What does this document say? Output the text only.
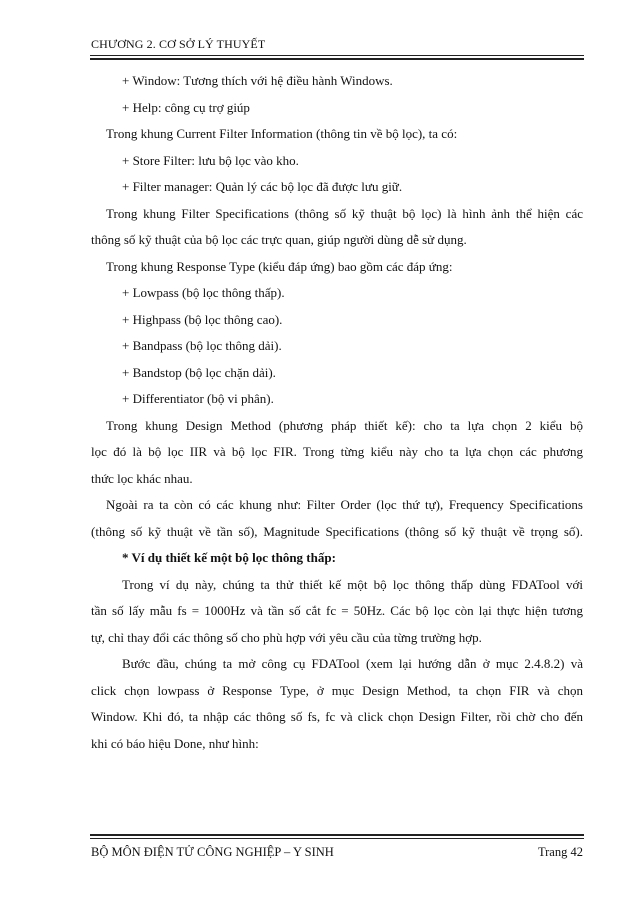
CHƯƠNG 2. CƠ SỞ LÝ THUYẾT
+ Window: Tương thích với hệ điều hành Windows.
+ Help: công cụ trợ giúp
Trong khung Current Filter Information (thông tin về bộ lọc), ta có:
+ Store Filter: lưu bộ lọc vào kho.
+ Filter manager: Quản lý các bộ lọc đã được lưu giữ.
Trong khung Filter Specifications (thông số kỹ thuật bộ lọc) là hình ảnh thể hiện các
thông số kỹ thuật của bộ lọc các trực quan, giúp người dùng dễ sử dụng.
Trong khung Response Type (kiểu đáp ứng) bao gồm các đáp ứng:
+ Lowpass (bộ lọc thông thấp).
+ Highpass (bộ lọc thông cao).
+ Bandpass (bộ lọc thông dải).
+ Bandstop (bộ lọc chặn dải).
+ Differentiator (bộ vi phân).
Trong khung Design Method (phương pháp thiết kế): cho ta lựa chọn 2 kiểu bộ
lọc đó là bộ lọc IIR và bộ lọc FIR. Trong từng kiểu này cho ta lựa chọn các phương
thức lọc khác nhau.
Ngoài ra ta còn có các khung như: Filter Order (lọc thứ tự), Frequency Specifications
(thông số kỹ thuật về tần số), Magnitude Specifications (thông số kỹ thuật về trọng số).
* Ví dụ thiết kế một bộ lọc thông thấp:
Trong ví dụ này, chúng ta thử thiết kế một bộ lọc thông thấp dùng FDATool với
tần số lấy mẫu fs = 1000Hz và tần số cắt fc = 50Hz. Các bộ lọc còn lại thực hiện tương
tự, chỉ thay đổi các thông số cho phù hợp với yêu cầu của từng trường hợp.
Bước đầu, chúng ta mở công cụ FDATool (xem lại hướng dẫn ở mục 2.4.8.2) và
click chọn lowpass ở Response Type, ở mục Design Method, ta chọn FIR và chọn
Window. Khi đó, ta nhập các thông số fs, fc và click chọn Design Filter, rồi chờ cho đến
khi có báo hiệu Done, như hình:
BỘ MÔN ĐIỆN TỬ CÔNG NGHIỆP – Y SINH	Trang 42
